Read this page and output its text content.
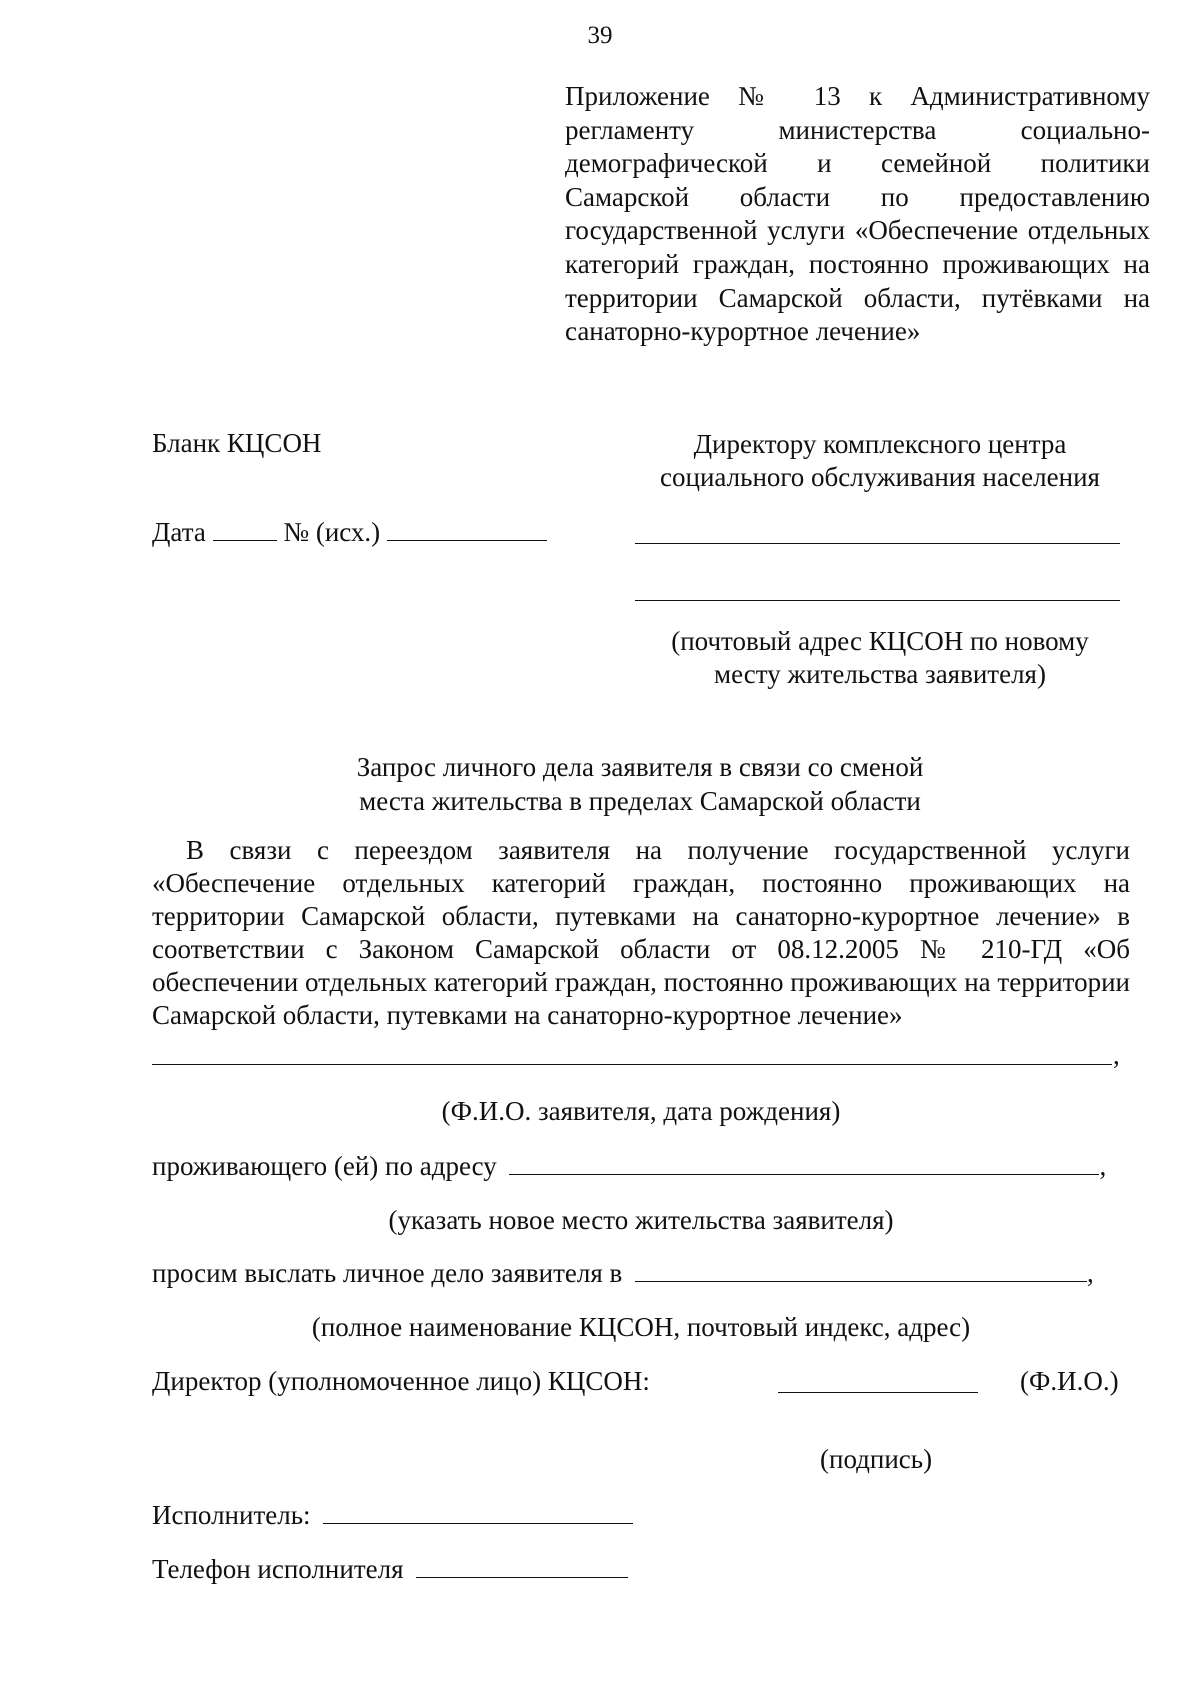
39
Приложение № 13 к Административному регламенту министерства социально-демографической и семейной политики Самарской области по предоставлению государственной услуги «Обеспечение отдельных категорий граждан, постоянно проживающих на территории Самарской области, путёвками на санаторно-курортное лечение»
Бланк КЦСОН	Директору комплексного центра
социального обслуживания населения
Дата	№ (исх.)
(почтовый адрес КЦСОН по новому
месту жительства заявителя)
Запрос личного дела заявителя в связи со сменой
места жительства в пределах Самарской области
В связи с переездом заявителя на получение государственной услуги «Обеспечение отдельных категорий граждан, постоянно проживающих на территории Самарской области, путевками на санаторно-курортное лечение» в соответствии с Законом Самарской области от 08.12.2005 № 210-ГД «Об обеспечении отдельных категорий граждан, постоянно проживающих на территории Самарской области, путевками на санаторно-курортное лечение»
,
(Ф.И.О. заявителя, дата рождения)
проживающего (ей) по адресу	,
(указать новое место жительства заявителя)
просим выслать личное дело заявителя в	,
(полное наименование КЦСОН, почтовый индекс, адрес)
Директор (уполномоченное лицо) КЦСОН:	(Ф.И.О.)
(подпись)
Исполнитель:
Телефон исполнителя
